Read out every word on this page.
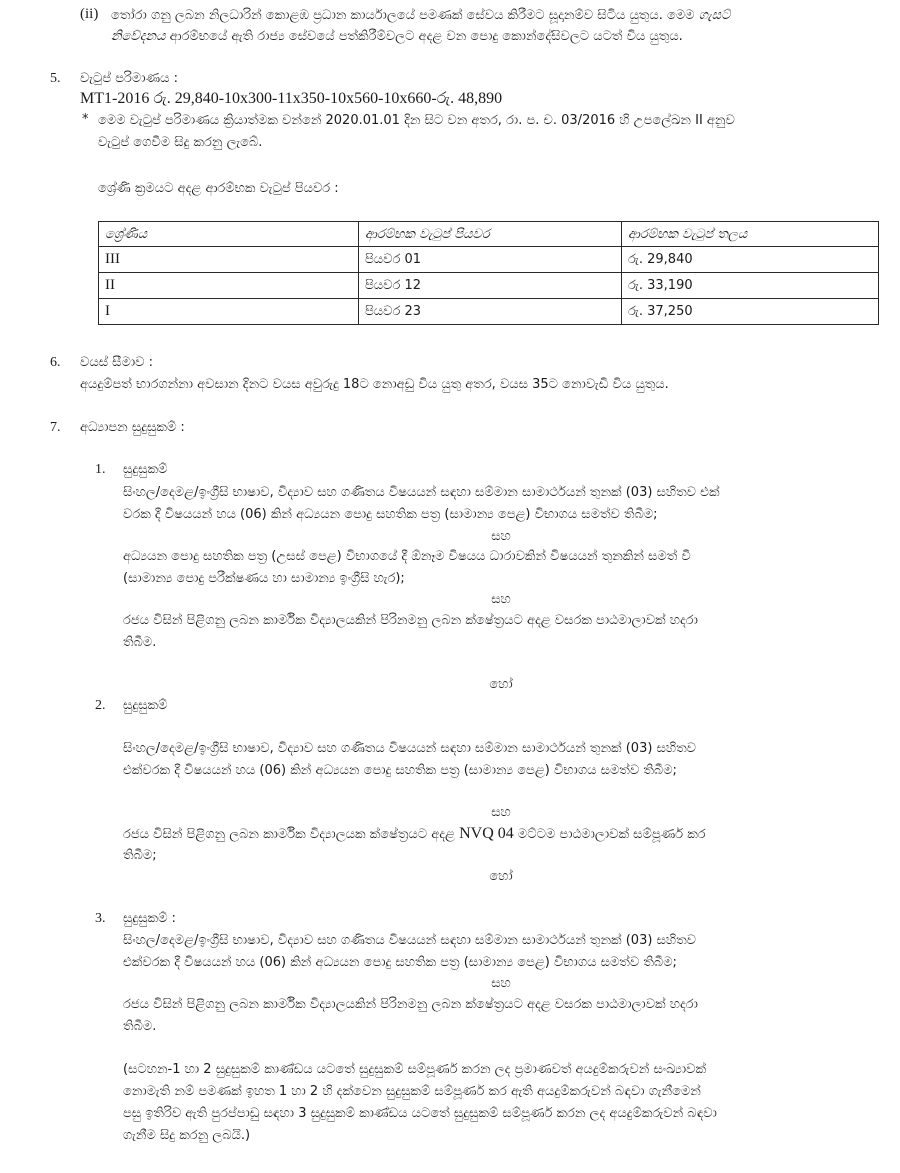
(ii) තෝරා ගනු ලබන නිලධාරින් කොළඹ ප්‍රධාන කාර්යාලයේ පමණක් සේවය කිරීමට සූදානම්ව සිටිය යුතුය. මෙම ගැසට්
නිවේදනය ආරම්භයේ ඇති රාජ්‍ය සේවයේ පත්කිරීම්වලට අදළ වන පොදු කොන්දේසිවලට යටත් විය යුතුය.
5. වැටුප් පරිමාණය :
MT1-2016 රු. 29,840-10x300-11x350-10x560-10x660-රු. 48,890
* මෙම වැටුප් පරිමාණය ක්‍රියාත්මක වන්නේ 2020.01.01 දින සිට වන අතර, රා. ප. ච. 03/2016 හි උපලේඛන II අනුව
වැටුප් ගෙවීම සිදු කරනු ලැබේ.
ශ්‍රේණි ක්‍රමයට අදළ ආරම්භක වැටුප් පියවර :
ශ්‍රේණිය	ආරම්භක වැටුප් පියවර	ආරම්භක වැටුප් තලය
III	පියවර 01	රු. 29,840
II	පියවර 12	රු. 33,190
I	පියවර 23	රු. 37,250
6. වයස් සීමාව :
අයදුම්පත් භාරගන්නා අවසාන දිනට වයස අවුරුදු 18ට නොඅඩු විය යුතු අතර, වයස 35ට නොවැඩි විය යුතුය.
7. අධ්‍යාපන සුදුසුකම් :
1. සුදුසුකම්
සිංහල/දෙමළ/ඉංග්‍රීසි භාෂාව, විද්‍යාව සහ ගණිතය විෂයයන් සඳහා සම්මාන සාමාර්ථයන් තුනක් (03) සහිතව එක්
වරක දී විෂයයන් හය (06) කින් අධ්‍යයන පොදු සහතික පත්‍ර (සාමාන්‍ය පෙළ) විභාගය සමත්ව තිබීම;
සහ
අධ්‍යයන පොදු සහතික පත්‍ර (උසස් පෙළ) විභාගයේ දී ඕනෑම විෂයය ධාරාවකින් විෂයයන් තුනකින් සමත් වී
(සාමාන්‍ය පොදු පරීක්ෂණය හා සාමාන්‍ය ඉංග්‍රීසි හැර);
සහ
රජය විසින් පිළිගනු ලබන කාර්මික විද්‍යාලයකින් පිරිනමනු ලබන ක්ෂේත්‍රයට අදළ වසරක පාඨමාලාවක් හදරා
තිබීම.
හෝ
2. සුදුසුකම්
සිංහල/දෙමළ/ඉංග්‍රීසි භාෂාව, විද්‍යාව සහ ගණිතය විෂයයන් සඳහා සම්මාන සාමාර්ථයන් තුනක් (03) සහිතව
එක්වරක දී විෂයයන් හය (06) කින් අධ්‍යයන පොදු සහතික පත්‍ර (සාමාන්‍ය පෙළ) විභාගය සමත්ව තිබීම;
සහ
රජය විසින් පිළිගනු ලබන කාර්මික විද්‍යාලයක ක්ෂේත්‍රයට අදළ NVQ 04 මට්ටම පාඨමාලාවක් සම්පූර්ණ කර
තිබීම;
හෝ
3. සුදුසුකම් :
සිංහල/දෙමළ/ඉංග්‍රීසි භාෂාව, විද්‍යාව සහ ගණිතය විෂයයන් සඳහා සම්මාන සාමාර්ථයන් තුනක් (03) සහිතව
එක්වරක දී විෂයයන් හය (06) කින් අධ්‍යයන පොදු සහතික පත්‍ර (සාමාන්‍ය පෙළ) විභාගය සමත්ව තිබීම;
සහ
රජය විසින් පිළිගනු ලබන කාර්මික විද්‍යාලයකින් පිරිනමනු ලබන ක්ෂේත්‍රයට අදළ වසරක පාඨමාලාවක් හදරා
තිබීම.
(සටහන-1 හා 2 සුදුසුකම් කාණ්ඩය යටතේ සුදුසුකම් සම්පූර්ණ කරන ලද ප්‍රමාණවත් අයදුම්කරුවන් සංඛ්‍යාවක්
නොමැති නම් පමණක් ඉහත 1 හා 2 හි දක්වෙන සුදුසුකම් සම්පූර්ණ කර ඇති අයදුම්කරුවන් බඳවා ගැනීමෙන්
පසු ඉතිරිව ඇති පුරප්පාඩු සඳහා 3 සුදුසුකම් කාණ්ඩය යටතේ සුදුසුකම් සම්පූර්ණ කරන ලද අයදුම්කරුවන් බඳවා
ගැනීම සිදු කරනු ලබයි.)
